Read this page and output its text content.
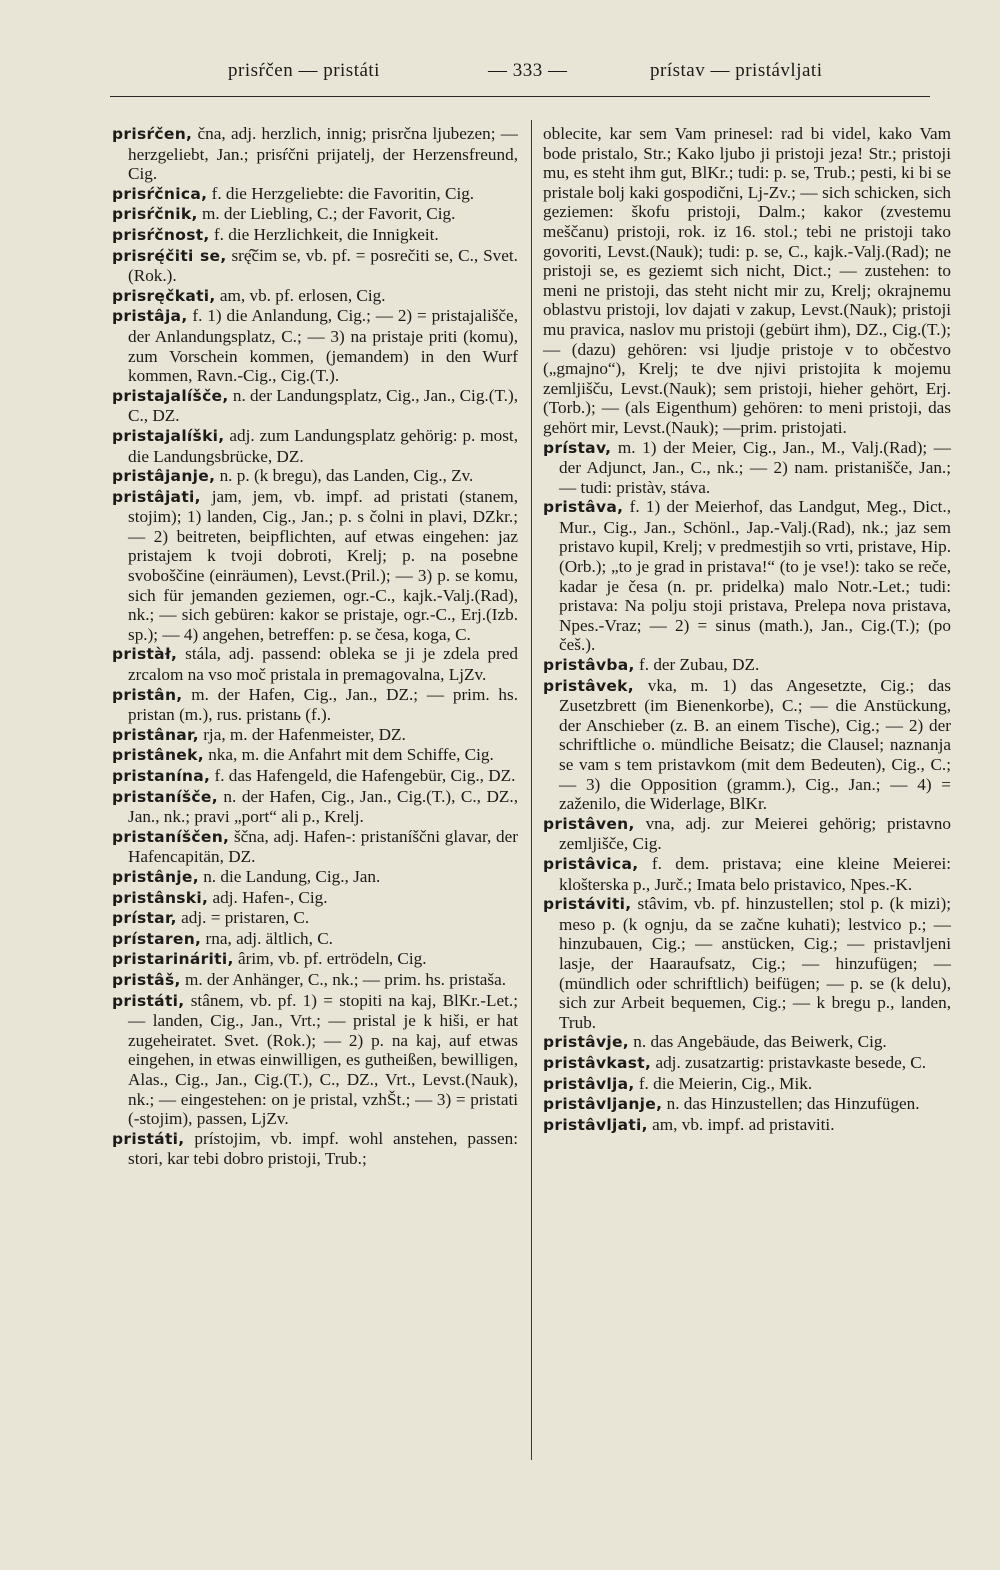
prisŕčen — pristáti	— 333 —	prístav — pristávljati
prisŕčen, čna, adj. herzlich, innig; prisrčna ljubezen; — herzgeliebt, Jan.; prisŕčni prijatelj, der Herzensfreund, Cig.
prisŕčnica, f. die Herzgeliebte: die Favoritin, Cig.
prisŕčnik, m. der Liebling, C.; der Favorit, Cig.
prisŕčnost, f. die Herzlichkeit, die Innigkeit.
prisrę́čiti se, srę̂čim se, vb. pf. = posrečiti se, C., Svet.(Rok.).
prisręčkati, am, vb. pf. erlosen, Cig.
pristâja, f. 1) die Anlandung, Cig.; — 2) = pristajališče, der Anlandungsplatz, C.; — 3) na pristaje priti (komu), zum Vorschein kommen, (jemandem) in den Wurf kommen, Ravn.-Cig., Cig.(T.).
pristajalíšče, n. der Landungsplatz, Cig., Jan., Cig.(T.), C., DZ.
pristajalíški, adj. zum Landungsplatz gehörig: p. most, die Landungsbrücke, DZ.
pristâjanje, n. p. (k bregu), das Landen, Cig., Zv.
pristâjati, jam, jem, vb. impf. ad pristati (stanem, stojim); 1) landen, Cig., Jan.; p. s čolni in plavi, DZkr.; — 2) beitreten, beipflichten, auf etwas eingehen: jaz pristajem k tvoji dobroti, Krelj; p. na posebne svoboščine (einräumen), Levst.(Pril.); — 3) p. se komu, sich für jemanden geziemen, ogr.-C., kajk.-Valj.(Rad), nk.; — sich gebüren: kakor se pristaje, ogr.-C., Erj.(Izb. sp.); — 4) angehen, betreffen: p. se česa, koga, C.
pristàł, stála, adj. passend: obleka se ji je zdela pred zrcalom na vso moč pristala in premagovalna, LjZv.
pristân, m. der Hafen, Cig., Jan., DZ.; — prim. hs. pristan (m.), rus. pristanь (f.).
pristânar, rja, m. der Hafenmeister, DZ.
pristânek, nka, m. die Anfahrt mit dem Schiffe, Cig.
pristanína, f. das Hafengeld, die Hafengebür, Cig., DZ.
pristaníšče, n. der Hafen, Cig., Jan., Cig.(T.), C., DZ., Jan., nk.; pravi „port“ ali p., Krelj.
pristaníščen, ščna, adj. Hafen-: pristaníščni glavar, der Hafencapitän, DZ.
pristânje, n. die Landung, Cig., Jan.
pristânski, adj. Hafen-, Cig.
prístar, adj. = pristaren, C.
prístaren, rna, adj. ältlich, C.
pristarináriti, ârim, vb. pf. ertrödeln, Cig.
pristâš, m. der Anhänger, C., nk.; — prim. hs. pristaša.
pristáti, stânem, vb. pf. 1) = stopiti na kaj, BlKr.-Let.; — landen, Cig., Jan., Vrt.; — pristal je k hiši, er hat zugeheiratet. Svet. (Rok.); — 2) p. na kaj, auf etwas eingehen, in etwas einwilligen, es gutheißen, bewilligen, Alas., Cig., Jan., Cig.(T.), C., DZ., Vrt., Levst.(Nauk), nk.; — eingestehen: on je pristal, vzhŠt.; — 3) = pristati (-stojim), passen, LjZv.
pristáti, prístojim, vb. impf. wohl anstehen, passen: stori, kar tebi dobro pristoji, Trub.;
oblecite, kar sem Vam prinesel: rad bi videl, kako Vam bode pristalo, Str.; Kako ljubo ji pristoji jeza! Str.; pristoji mu, es steht ihm gut, BlKr.; tudi: p. se, Trub.; pesti, ki bi se pristale bolj kaki gospodični, Lj-Zv.; — sich schicken, sich geziemen: škofu pristoji, Dalm.; kakor (zvestemu meščanu) pristoji, rok. iz 16. stol.; tebi ne pristoji tako govoriti, Levst.(Nauk); tudi: p. se, C., kajk.-Valj.(Rad); ne pristoji se, es geziemt sich nicht, Dict.; — zustehen: to meni ne pristoji, das steht nicht mir zu, Krelj; okrajnemu oblastvu pristoji, lov dajati v zakup, Levst.(Nauk); pristoji mu pravica, naslov mu pristoji (gebürt ihm), DZ., Cig.(T.); — (dazu) gehören: vsi ljudje pristoje v to občestvo („gmajno“), Krelj; te dve njivi pristojita k mojemu zemljišču, Levst.(Nauk); sem pristoji, hieher gehört, Erj.(Torb.); — (als Eigenthum) gehören: to meni pristoji, das gehört mir, Levst.(Nauk); —prim. pristojati.
prístav, m. 1) der Meier, Cig., Jan., M., Valj.(Rad); — der Adjunct, Jan., C., nk.; — 2) nam. pristanišče, Jan.; — tudi: pristàv, stáva.
pristâva, f. 1) der Meierhof, das Landgut, Meg., Dict., Mur., Cig., Jan., Schönl., Jap.-Valj.(Rad), nk.; jaz sem pristavo kupil, Krelj; v predmestjih so vrti, pristave, Hip.(Orb.); „to je grad in pristava!“ (to je vse!): tako se reče, kadar je česa (n. pr. pridelka) malo Notr.-Let.; tudi: pristava: Na polju stoji pristava, Prelepa nova pristava, Npes.-Vraz; — 2) = sinus (math.), Jan., Cig.(T.); (po češ.).
pristâvba, f. der Zubau, DZ.
pristâvek, vka, m. 1) das Angesetzte, Cig.; das Zusetzbrett (im Bienenkorbe), C.; — die Anstückung, der Anschieber (z. B. an einem Tische), Cig.; — 2) der schriftliche o. mündliche Beisatz; die Clausel; naznanja se vam s tem pristavkom (mit dem Bedeuten), Cig., C.; — 3) die Opposition (gramm.), Cig., Jan.; — 4) = zaženilo, die Widerlage, BlKr.
pristâven, vna, adj. zur Meierei gehörig; pristavno zemljišče, Cig.
pristâvica, f. dem. pristava; eine kleine Meierei: klošterska p., Jurč.; Imata belo pristavico, Npes.-K.
pristáviti, stâvim, vb. pf. hinzustellen; stol p. (k mizi); meso p. (k ognju, da se začne kuhati); lestvico p.; — hinzubauen, Cig.; — anstücken, Cig.; — pristavljeni lasje, der Haaraufsatz, Cig.; — hinzufügen; — (mündlich oder schriftlich) beifügen; — p. se (k delu), sich zur Arbeit bequemen, Cig.; — k bregu p., landen, Trub.
pristâvje, n. das Angebäude, das Beiwerk, Cig.
pristâvkast, adj. zusatzartig: pristavkaste besede, C.
pristâvlja, f. die Meierin, Cig., Mik.
pristâvljanje, n. das Hinzustellen; das Hinzufügen.
pristâvljati, am, vb. impf. ad pristaviti.
